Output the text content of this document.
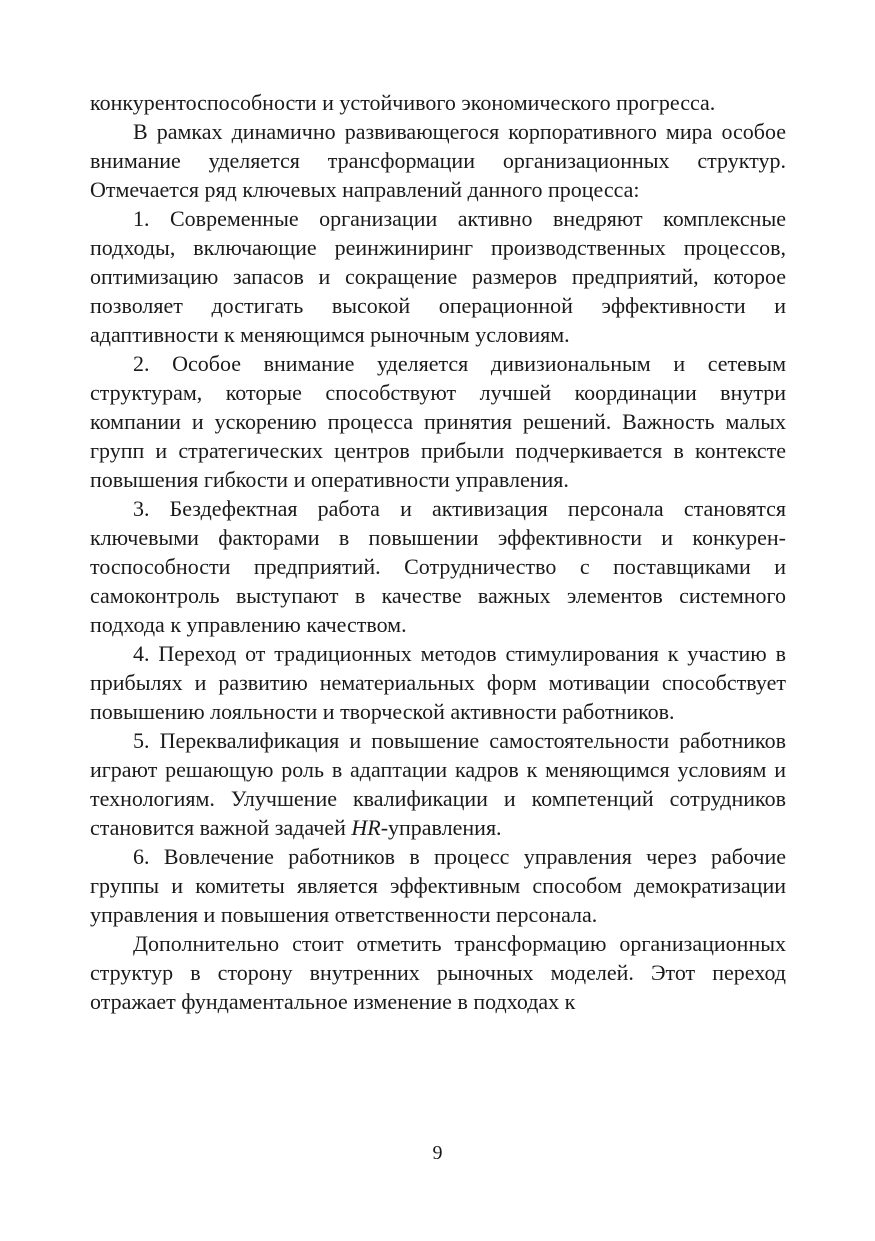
конкурентоспособности и устойчивого экономического прогресса.

В рамках динамично развивающегося корпоративного мира особое внимание уделяется трансформации организационных структур. Отмечается ряд ключевых направлений данного процесса:

1. Современные организации активно внедряют комплексные подходы, включающие реинжиниринг производственных процессов, оптимизацию запасов и сокращение размеров предприятий, которое позволяет достигать высокой операционной эффективности и адаптивности к меняющимся рыночным условиям.

2. Особое внимание уделяется дивизиональным и сетевым структурам, которые способствуют лучшей координации внутри компании и ускорению процесса принятия решений. Важность малых групп и стратегических центров прибыли подчеркивается в контексте повышения гибкости и оперативности управления.

3. Бездефектная работа и активизация персонала становятся ключевыми факторами в повышении эффективности и конкурентоспособности предприятий. Сотрудничество с поставщиками и самоконтроль выступают в качестве важных элементов системного подхода к управлению качеством.

4. Переход от традиционных методов стимулирования к участию в прибылях и развитию нематериальных форм мотивации способствует повышению лояльности и творческой активности работников.

5. Переквалификация и повышение самостоятельности работников играют решающую роль в адаптации кадров к меняющимся условиям и технологиям. Улучшение квалификации и компетенций сотрудников становится важной задачей HR-управления.

6. Вовлечение работников в процесс управления через рабочие группы и комитеты является эффективным способом демократизации управления и повышения ответственности персонала.

Дополнительно стоит отметить трансформацию организационных структур в сторону внутренних рыночных моделей. Этот переход отражает фундаментальное изменение в подходах к

9
